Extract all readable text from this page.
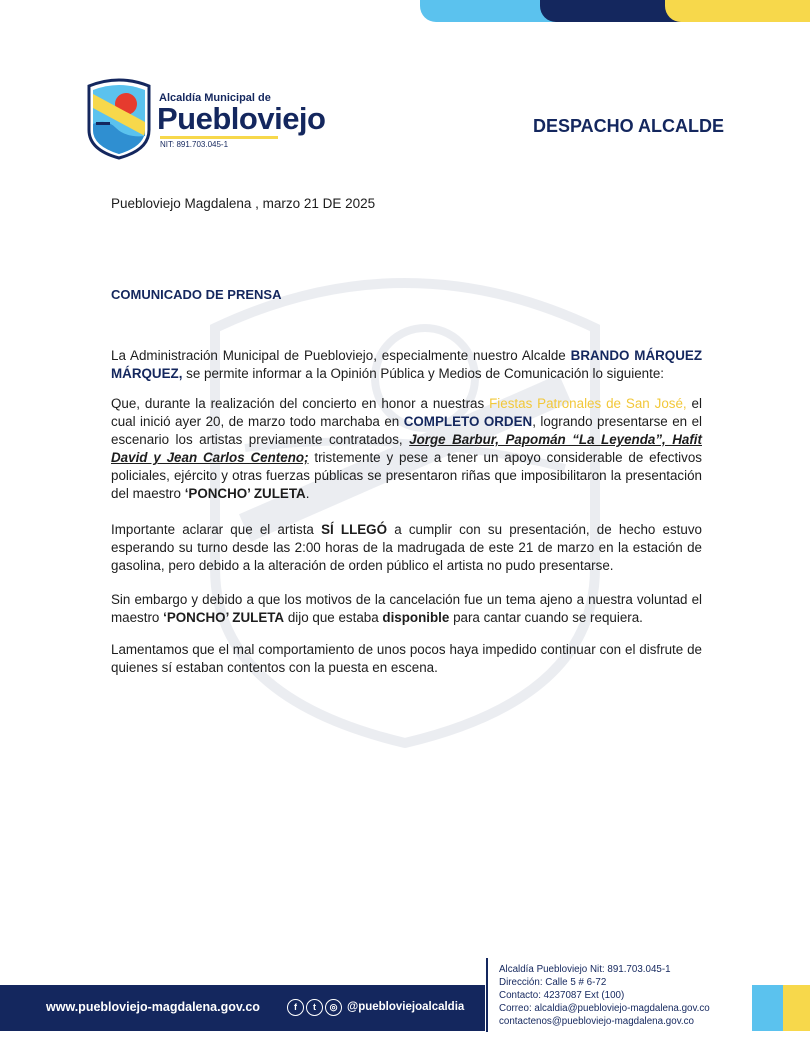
Alcaldía Municipal de
Puebloviejo
NIT: 891.703.045-1
DESPACHO ALCALDE
Puebloviejo Magdalena , marzo 21 DE 2025
COMUNICADO DE PRENSA
La Administración Municipal de Puebloviejo, especialmente nuestro Alcalde BRANDO MÁRQUEZ MÁRQUEZ, se permite informar a la Opinión Pública y Medios de Comunicación lo siguiente:
Que, durante la realización del concierto en honor a nuestras Fiestas Patronales de San José, el cual inició ayer 20, de marzo todo marchaba en COMPLETO ORDEN, logrando presentarse en el escenario los artistas previamente contratados, Jorge Barbur, Papomán “La Leyenda”, Hafit David y Jean Carlos Centeno; tristemente y pese a tener un apoyo considerable de efectivos policiales, ejército y otras fuerzas públicas se presentaron riñas que imposibilitaron la presentación del maestro ‘PONCHO’ ZULETA.
Importante aclarar que el artista SÍ LLEGÓ a cumplir con su presentación, de hecho estuvo esperando su turno desde las 2:00 horas de la madrugada de este 21 de marzo en la estación de gasolina, pero debido a la alteración de orden público el artista no pudo presentarse.
Sin embargo y debido a que los motivos de la cancelación fue un tema ajeno a nuestra voluntad el maestro ‘PONCHO’ ZULETA dijo que estaba disponible para cantar cuando se requiera.
Lamentamos que el mal comportamiento de unos pocos haya impedido continuar con el disfrute de quienes sí estaban contentos con la puesta en escena.
www.puebloviejo-magdalena.gov.co	f	t	◎ @puebloviejoalcaldia
Alcaldía Puebloviejo Nit: 891.703.045-1
Dirección: Calle 5 # 6-72
Contacto: 4237087 Ext (100)
Correo: alcaldia@puebloviejo-magdalena.gov.co
contactenos@puebloviejo-magdalena.gov.co
